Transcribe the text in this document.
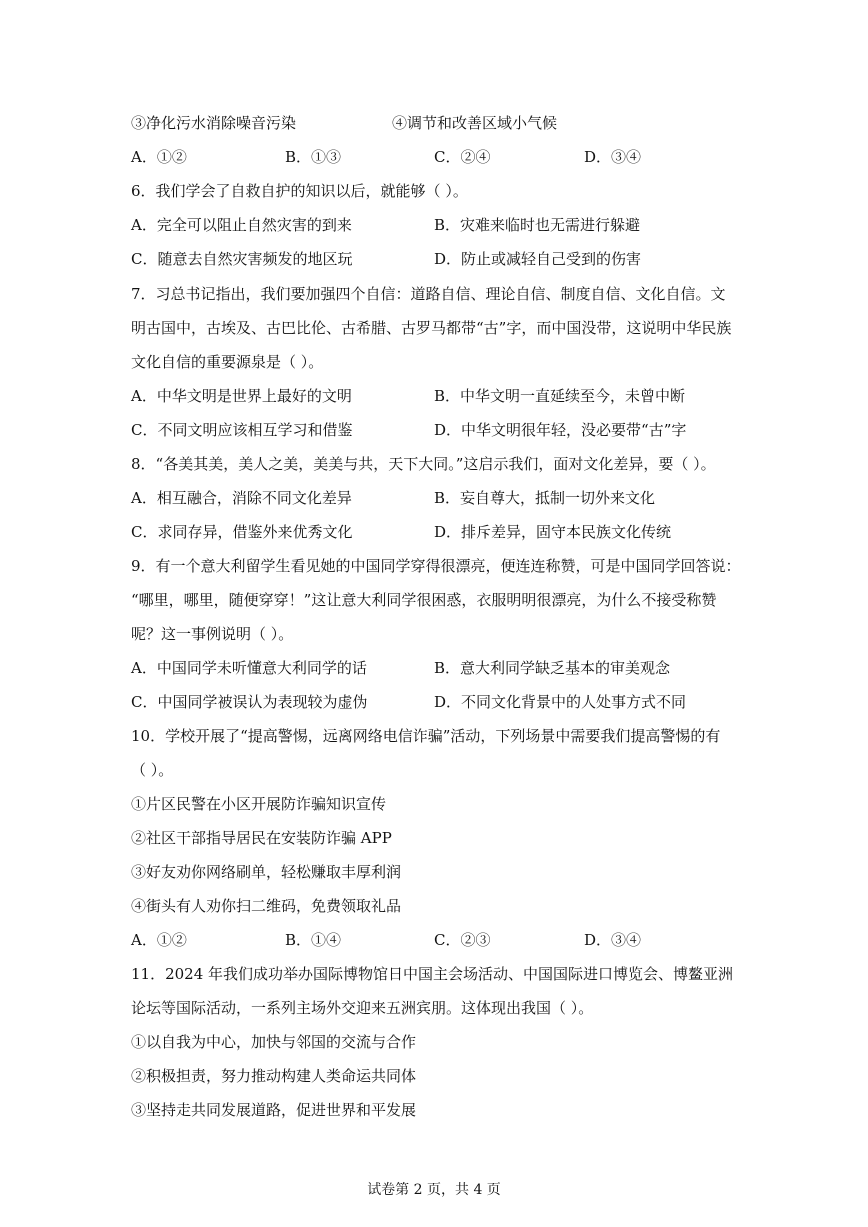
③净化污水消除噪音污染	④调节和改善区域小气候
A．①②	B．①③	C．②④	D．③④
6．我们学会了自救自护的知识以后，就能够（ ）。
A．完全可以阻止自然灾害的到来	B．灾难来临时也无需进行躲避
C．随意去自然灾害频发的地区玩	D．防止或减轻自己受到的伤害
7．习总书记指出，我们要加强四个自信：道路自信、理论自信、制度自信、文化自信。文
明古国中，古埃及、古巴比伦、古希腊、古罗马都带“古”字，而中国没带，这说明中华民族
文化自信的重要源泉是（ ）。
A．中华文明是世界上最好的文明	B．中华文明一直延续至今，未曾中断
C．不同文明应该相互学习和借鉴	D．中华文明很年轻，没必要带“古”字
8．“各美其美，美人之美，美美与共，天下大同。”这启示我们，面对文化差异，要（ ）。
A．相互融合，消除不同文化差异	B．妄自尊大，抵制一切外来文化
C．求同存异，借鉴外来优秀文化	D．排斥差异，固守本民族文化传统
9．有一个意大利留学生看见她的中国同学穿得很漂亮，便连连称赞，可是中国同学回答说：
“哪里，哪里，随便穿穿！”这让意大利同学很困惑，衣服明明很漂亮，为什么不接受称赞
呢？这一事例说明（ ）。
A．中国同学未听懂意大利同学的话	B．意大利同学缺乏基本的审美观念
C．中国同学被误认为表现较为虚伪	D．不同文化背景中的人处事方式不同
10．学校开展了“提高警惕，远离网络电信诈骗”活动，下列场景中需要我们提高警惕的有
（ ）。
①片区民警在小区开展防诈骗知识宣传
②社区干部指导居民在安装防诈骗 APP
③好友劝你网络刷单，轻松赚取丰厚利润
④街头有人劝你扫二维码，免费领取礼品
A．①②	B．①④	C．②③	D．③④
11．2024 年我们成功举办国际博物馆日中国主会场活动、中国国际进口博览会、博鳌亚洲
论坛等国际活动，一系列主场外交迎来五洲宾朋。这体现出我国（ ）。
①以自我为中心，加快与邻国的交流与合作
②积极担责，努力推动构建人类命运共同体
③坚持走共同发展道路，促进世界和平发展
试卷第 2 页，共 4 页
